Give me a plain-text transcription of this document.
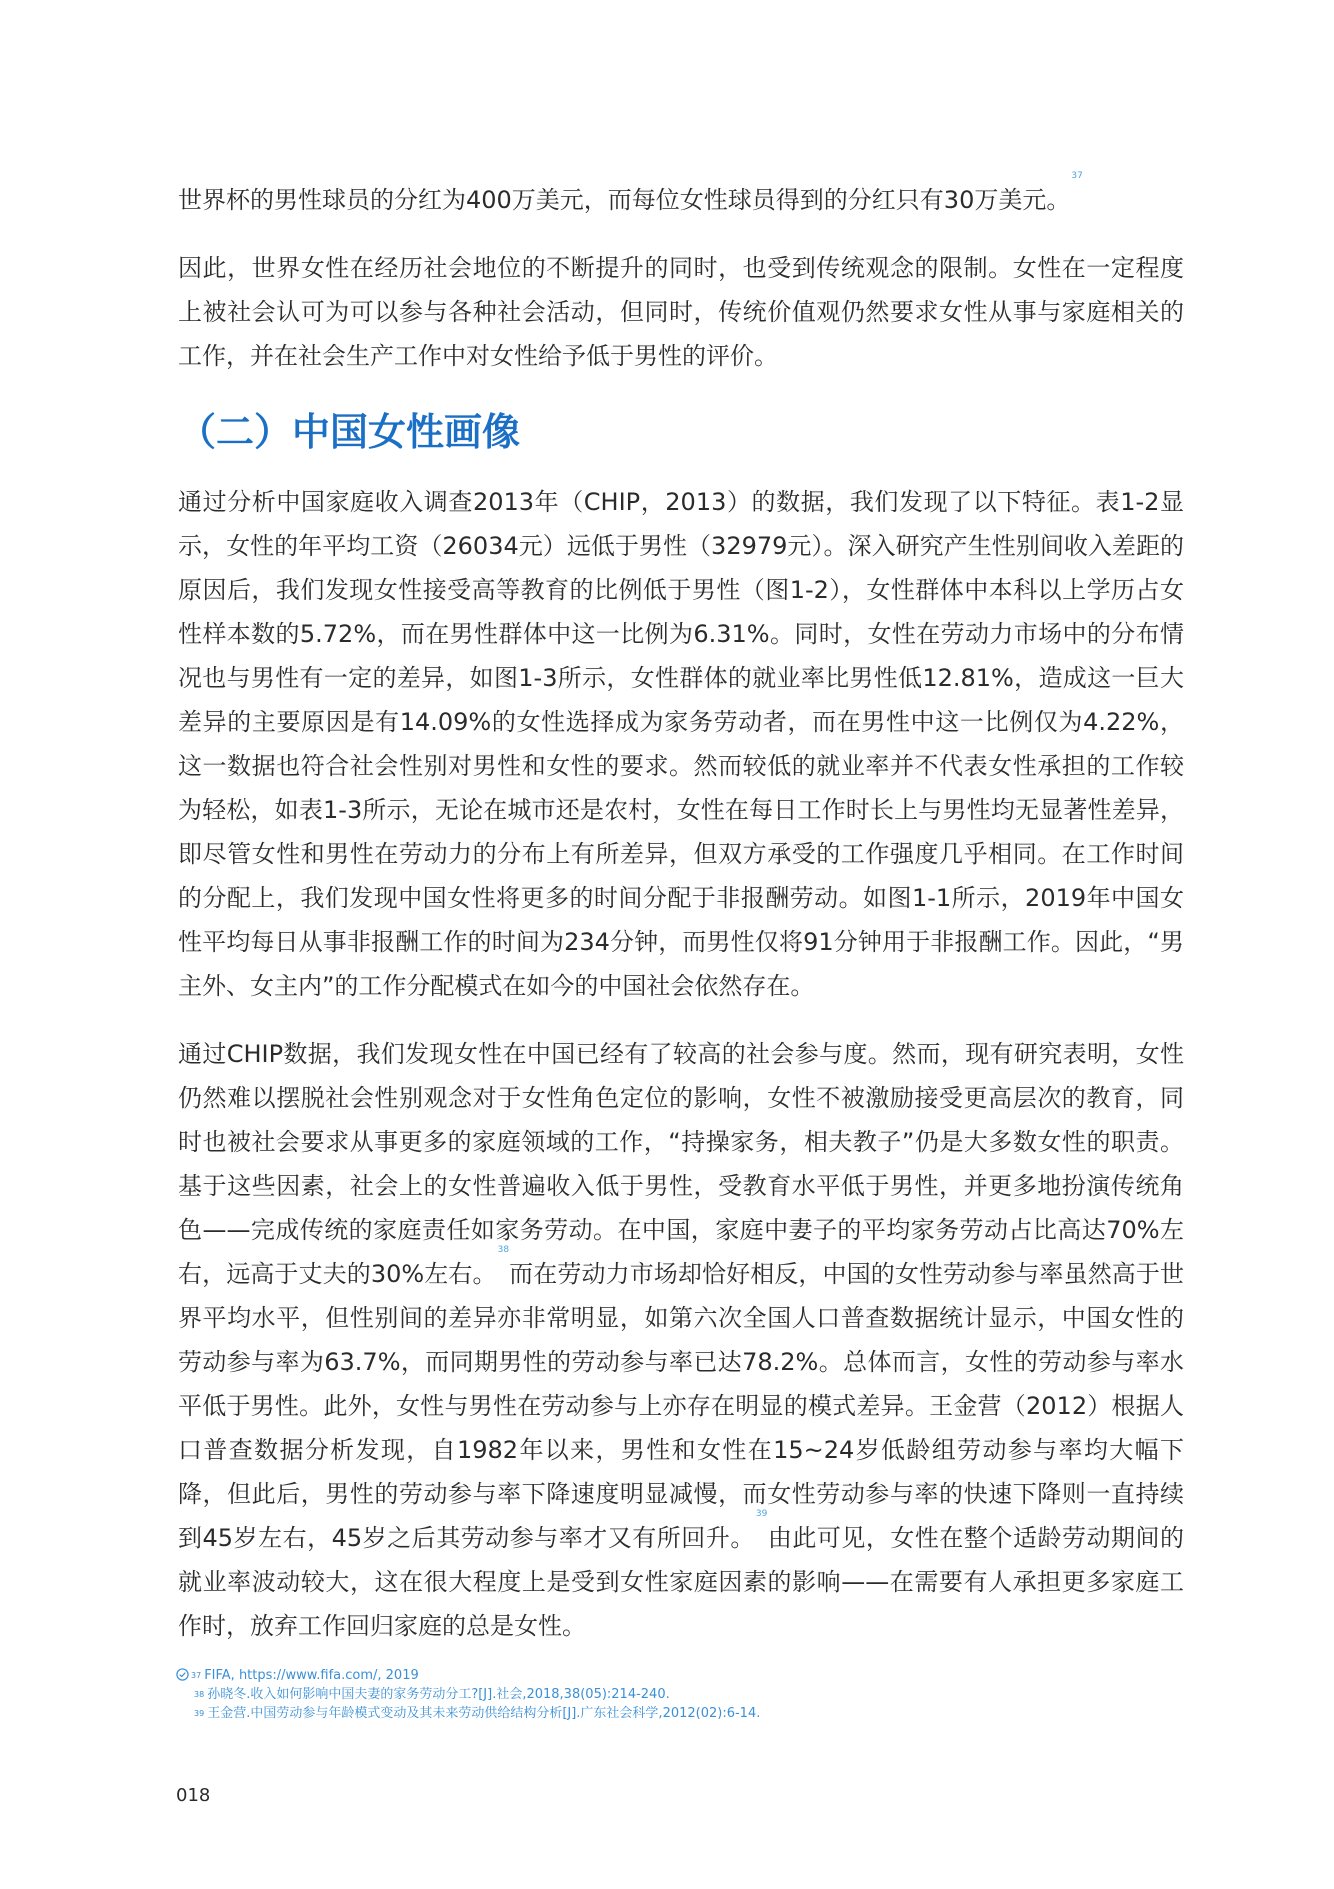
世界杯的男性球员的分红为400万美元，而每位女性球员得到的分红只有30万美元。$^{37}$

因此，世界女性在经历社会地位的不断提升的同时，也受到传统观念的限制。女性在一定程度上被社会认可为可以参与各种社会活动，但同时，传统价值观仍然要求女性从事与家庭相关的工作，并在社会生产工作中对女性给予低于男性的评价。

（二）中国女性画像

通过分析中国家庭收入调查2013年（CHIP，2013）的数据，我们发现了以下特征。表1-2显示，女性的年平均工资（26034元）远低于男性（32979元）。深入研究产生性别间收入差距的原因后，我们发现女性接受高等教育的比例低于男性（图1-2），女性群体中本科以上学历占女性样本数的5.72%，而在男性群体中这一比例为6.31%。同时，女性在劳动力市场中的分布情况也与男性有一定的差异，如图1-3所示，女性群体的就业率比男性低12.81%，造成这一巨大差异的主要原因是有14.09%的女性选择成为家务劳动者，而在男性中这一比例仅为4.22%，这一数据也符合社会性别对男性和女性的要求。然而较低的就业率并不代表女性承担的工作较为轻松，如表1-3所示，无论在城市还是农村，女性在每日工作时长上与男性均无显著性差异，即尽管女性和男性在劳动力的分布上有所差异，但双方承受的工作强度几乎相同。在工作时间的分配上，我们发现中国女性将更多的时间分配于非报酬劳动。如图1-1所示，2019年中国女性平均每日从事非报酬工作的时间为234分钟，而男性仅将91分钟用于非报酬工作。因此，“男主外、女主内”的工作分配模式在如今的中国社会依然存在。

通过CHIP数据，我们发现女性在中国已经有了较高的社会参与度。然而，现有研究表明，女性仍然难以摆脱社会性别观念对于女性角色定位的影响，女性不被激励接受更高层次的教育，同时也被社会要求从事更多的家庭领域的工作，“持操家务，相夫教子”仍是大多数女性的职责。基于这些因素，社会上的女性普遍收入低于男性，受教育水平低于男性，并更多地扮演传统角色——完成传统的家庭责任如家务劳动。在中国，家庭中妻子的平均家务劳动占比高达70%左右，远高于丈夫的30%左右。$^{38}$而在劳动力市场却恰好相反，中国的女性劳动参与率虽然高于世界平均水平，但性别间的差异亦非常明显，如第六次全国人口普查数据统计显示，中国女性的劳动参与率为63.7%，而同期男性的劳动参与率已达78.2%。总体而言，女性的劳动参与率水平低于男性。此外，女性与男性在劳动参与上亦存在明显的模式差异。王金营（2012）根据人口普查数据分析发现，自1982年以来，男性和女性在15~24岁低龄组劳动参与率均大幅下降，但此后，男性的劳动参与率下降速度明显减慢，而女性劳动参与率的快速下降则一直持续到45岁左右，45岁之后其劳动参与率才又有所回升。$^{39}$由此可见，女性在整个适龄劳动期间的就业率波动较大，这在很大程度上是受到女性家庭因素的影响——在需要有人承担更多家庭工作时，放弃工作回归家庭的总是女性。

$^{37}$ FIFA, https://www.fifa.com/, 2019
$^{38}$ 孙晓冬.收入如何影响中国夫妻的家务劳动分工?[J].社会,2018,38(05):214-240.
$^{39}$ 王金营.中国劳动参与年龄模式变动及其未来劳动供给结构分析[J].广东社会科学,2012(02):6-14.
018
